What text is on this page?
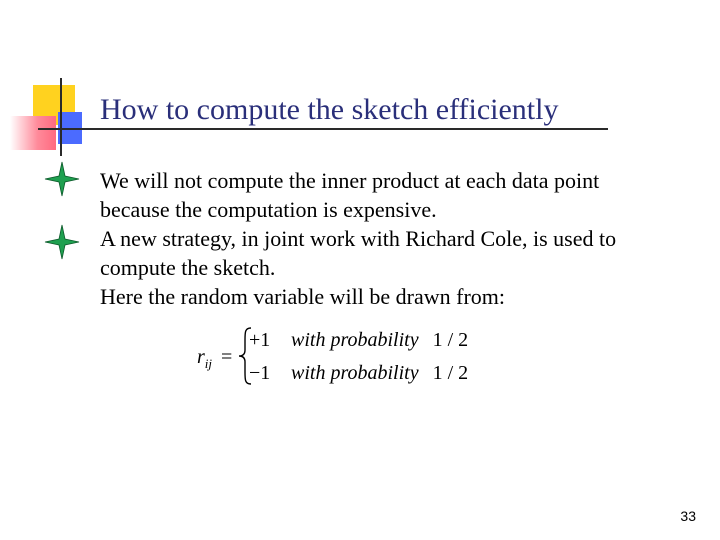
How to compute the sketch efficiently

We will not compute the inner product at each data point

because the computation is expensive.

A new strategy, in joint work with Richard Cole, is used to

compute the sketch.

Here the random variable will be drawn from:

$r_{ij}$ =
+1 with probability 1 / 2
−1 with probability 1 / 2
33
